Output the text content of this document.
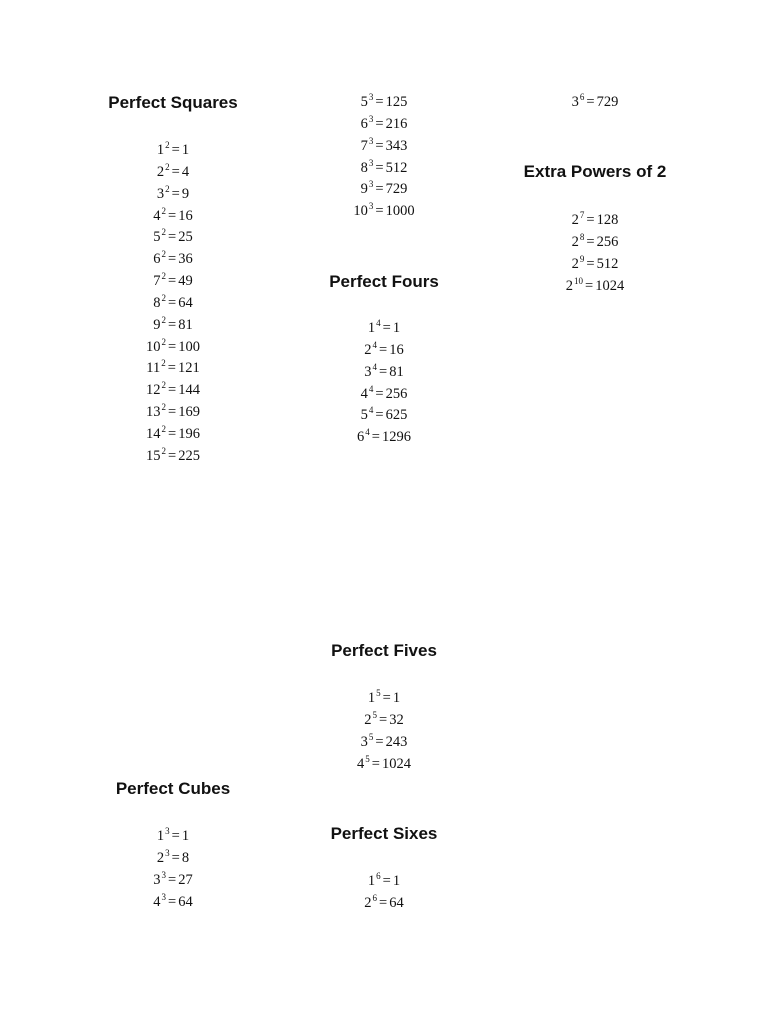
Perfect Squares
$1^2 = 1$
$2^2 = 4$
$3^2 = 9$
$4^2 = 16$
$5^2 = 25$
$6^2 = 36$
$7^2 = 49$
$8^2 = 64$
$9^2 = 81$
$10^2 = 100$
$11^2 = 121$
$12^2 = 144$
$13^2 = 169$
$14^2 = 196$
$15^2 = 225$
Perfect Cubes
$1^3 = 1$
$2^3 = 8$
$3^3 = 27$
$4^3 = 64$
$5^3 = 125$
$6^3 = 216$
$7^3 = 343$
$8^3 = 512$
$9^3 = 729$
$10^3 = 1000$
Perfect Fours
$1^4 = 1$
$2^4 = 16$
$3^4 = 81$
$4^4 = 256$
$5^4 = 625$
$6^4 = 1296$
Perfect Fives
$1^5 = 1$
$2^5 = 32$
$3^5 = 243$
$4^5 = 1024$
Perfect Sixes
$1^6 = 1$
$2^6 = 64$
$3^6 = 729$
Extra Powers of 2
$2^7 = 128$
$2^8 = 256$
$2^9 = 512$
$2^{10} = 1024$
